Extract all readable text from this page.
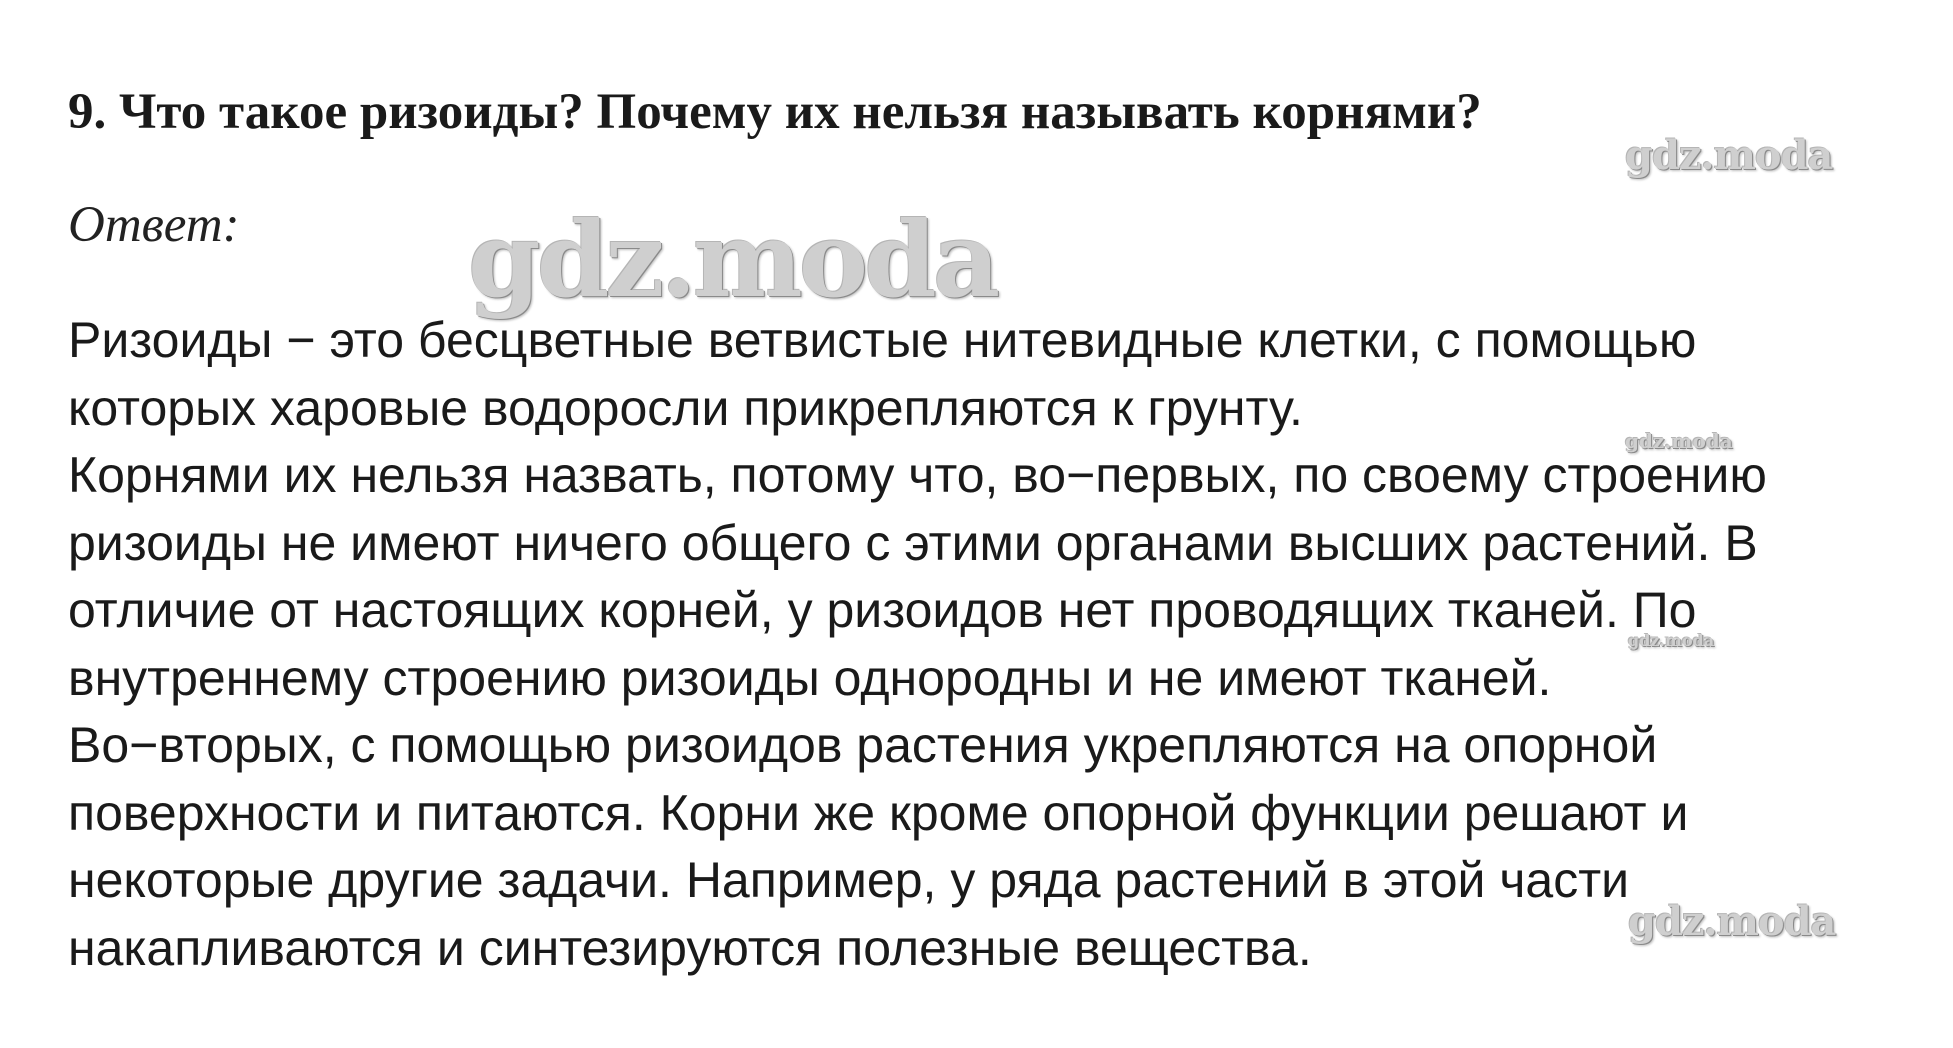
9. Что такое ризоиды? Почему их нельзя называть корнями?
Ответ:
Ризоиды − это бесцветные ветвистые нитевидные клетки, с помощью
которых харовые водоросли прикрепляются к грунту.
Корнями их нельзя назвать, потому что, во−первых, по своему строению
ризоиды не имеют ничего общего с этими органами высших растений. В
отличие от настоящих корней, у ризоидов нет проводящих тканей. По
внутреннему строению ризоиды однородны и не имеют тканей.
Во−вторых, с помощью ризоидов растения укрепляются на опорной
поверхности и питаются. Корни же кроме опорной функции решают и
некоторые другие задачи. Например, у ряда растений в этой части
накапливаются и синтезируются полезные вещества.
gdz.moda
gdz.moda
gdz.moda
gdz.moda
gdz.moda
